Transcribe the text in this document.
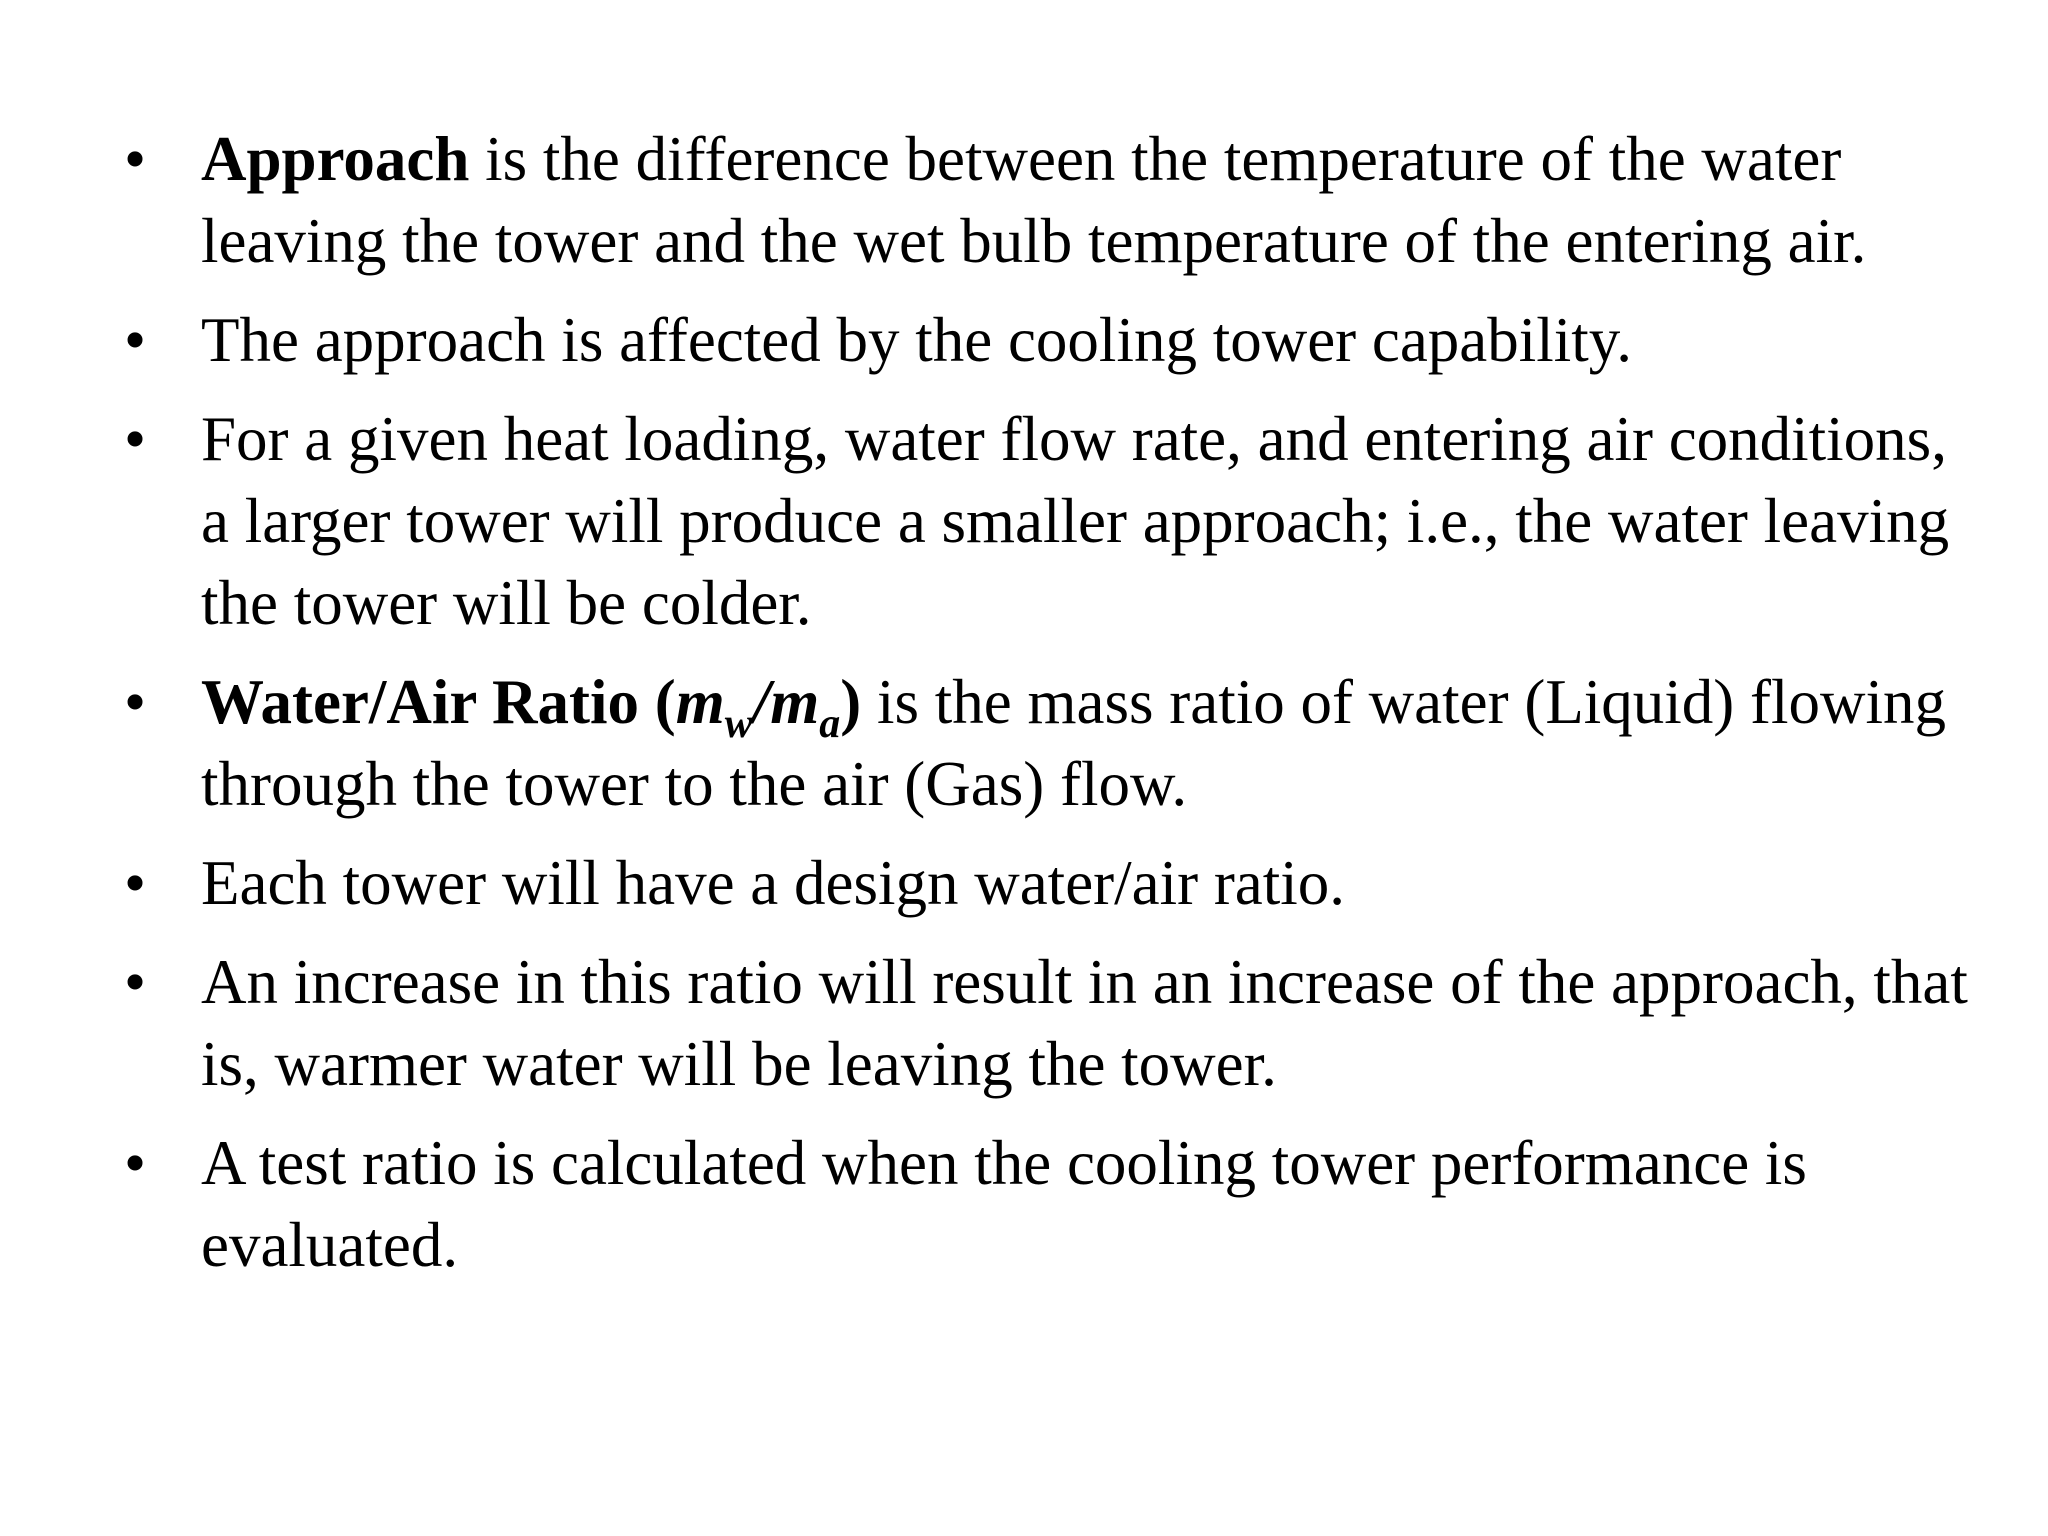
• Approach is the difference between the temperature of the water leaving the tower and the wet bulb temperature of the entering air.
• The approach is affected by the cooling tower capability.
• For a given heat loading, water flow rate, and entering air conditions, a larger tower will produce a smaller approach; i.e., the water leaving the tower will be colder.
• Water/Air Ratio $(m_w/m_a)$ is the mass ratio of water (Liquid) flowing through the tower to the air (Gas) flow.
• Each tower will have a design water/air ratio.
• An increase in this ratio will result in an increase of the approach, that is, warmer water will be leaving the tower.
• A test ratio is calculated when the cooling tower performance is evaluated.
